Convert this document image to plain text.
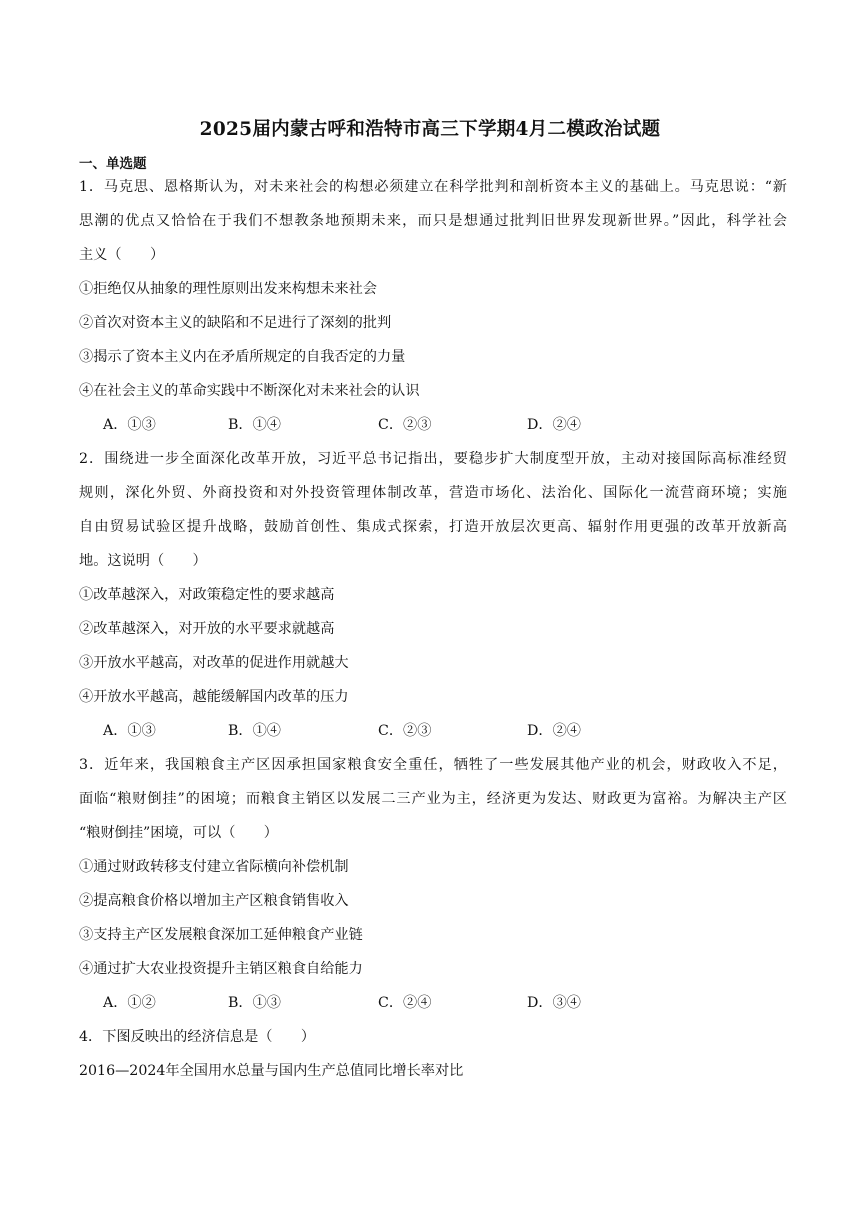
2025届内蒙古呼和浩特市高三下学期4月二模政治试题
一、单选题
1．马克思、恩格斯认为，对未来社会的构想必须建立在科学批判和剖析资本主义的基础上。马克思说：“新
思潮的优点又恰恰在于我们不想教条地预期未来，而只是想通过批判旧世界发现新世界。”因此，科学社会
主义（　　）
①拒绝仅从抽象的理性原则出发来构想未来社会
②首次对资本主义的缺陷和不足进行了深刻的批判
③揭示了资本主义内在矛盾所规定的自我否定的力量
④在社会主义的革命实践中不断深化对未来社会的认识
A．①③	B．①④	C．②③	D．②④
2．围绕进一步全面深化改革开放，习近平总书记指出，要稳步扩大制度型开放，主动对接国际高标准经贸
规则，深化外贸、外商投资和对外投资管理体制改革，营造市场化、法治化、国际化一流营商环境；实施
自由贸易试验区提升战略，鼓励首创性、集成式探索，打造开放层次更高、辐射作用更强的改革开放新高
地。这说明（　　）
①改革越深入，对政策稳定性的要求越高
②改革越深入，对开放的水平要求就越高
③开放水平越高，对改革的促进作用就越大
④开放水平越高，越能缓解国内改革的压力
A．①③	B．①④	C．②③	D．②④
3．近年来，我国粮食主产区因承担国家粮食安全重任，牺牲了一些发展其他产业的机会，财政收入不足，
面临“粮财倒挂”的困境；而粮食主销区以发展二三产业为主，经济更为发达、财政更为富裕。为解决主产区
“粮财倒挂”困境，可以（　　）
①通过财政转移支付建立省际横向补偿机制
②提高粮食价格以增加主产区粮食销售收入
③支持主产区发展粮食深加工延伸粮食产业链
④通过扩大农业投资提升主销区粮食自给能力
A．①②	B．①③	C．②④	D．③④
4．下图反映出的经济信息是（　　）
2016—2024年全国用水总量与国内生产总值同比增长率对比
